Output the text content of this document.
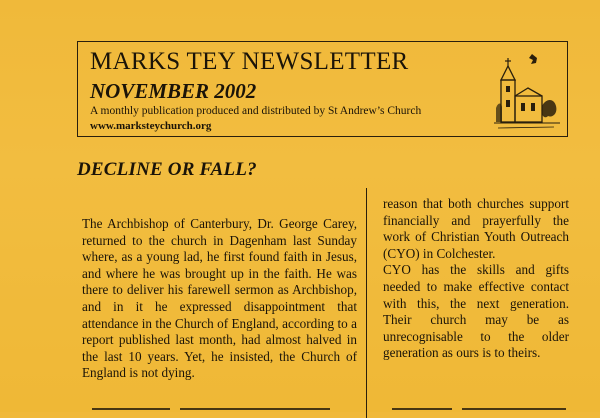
MARKS TEY NEWSLETTER
NOVEMBER 2002
A monthly publication produced and distributed by St Andrew’s Church
www.marksteychurch.org
DECLINE OR FALL?

The Archbishop of Canterbury, Dr. George Carey, returned to the church in Dagenham last Sunday where, as a young lad, he first found faith in Jesus, and where he was brought up in the faith. He was there to deliver his farewell sermon as Archbishop, and in it he expressed disappointment that attendance in the Church of England, according to a report published last month, had almost halved in the last 10 years. Yet, he insisted, the Church of England is not dying.

reason that both churches support financially and prayerfully the work of Christian Youth Outreach (CYO) in Colchester.

CYO has the skills and gifts needed to make effective contact with this, the next generation. Their church may be as unrecognisable to the older generation as ours is to theirs.
